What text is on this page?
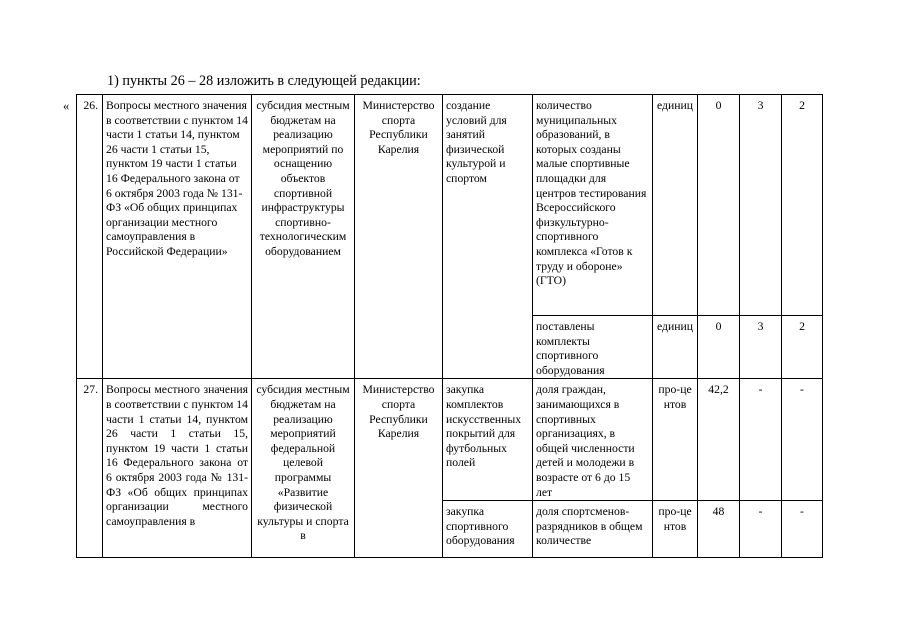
1) пункты 26 – 28 изложить в следующей редакции:
« 26.	Вопросы местного значения в соответствии с пунктом 14 части 1 статьи 14, пунктом 26 части 1 статьи 15, пунктом 19 части 1 статьи 16 Федерального закона от 6 октября 2003 года № 131-ФЗ «Об общих принципах организации местного самоуправления в Российской Федерации»	субсидия местным бюджетам на реализацию мероприятий по оснащению объектов спортивной инфраструктуры спортивно-технологическим оборудованием	Министерство спорта Республики Карелия	создание условий для занятий физической культурой и спортом	количество муниципальных образований, в которых созданы малые спортивные площадки для центров тестирования Всероссийского физкультурно-спортивного комплекса «Готов к труду и обороне» (ГТО)	единиц	0	3	2
					поставлены комплекты спортивного оборудования	единиц	0	3	2
27.	Вопросы местного значения в соответствии с пунктом 14 части 1 статьи 14, пунктом 26 части 1 статьи 15, пунктом 19 части 1 статьи 16 Федерального закона от 6 октября 2003 года № 131-ФЗ «Об общих принципах организации местного самоуправления в	субсидия местным бюджетам на реализацию мероприятий федеральной целевой программы «Развитие физической культуры и спорта в	Министерство спорта Республики Карелия	закупка комплектов искусственных покрытий для футбольных полей	доля граждан, занимающихся в спортивных организациях, в общей численности детей и молодежи в возрасте от 6 до 15 лет	про-центов	42,2	-	-
				закупка спортивного оборудования	доля спортсменов-разрядников в общем количестве	про-центов	48	-	-
